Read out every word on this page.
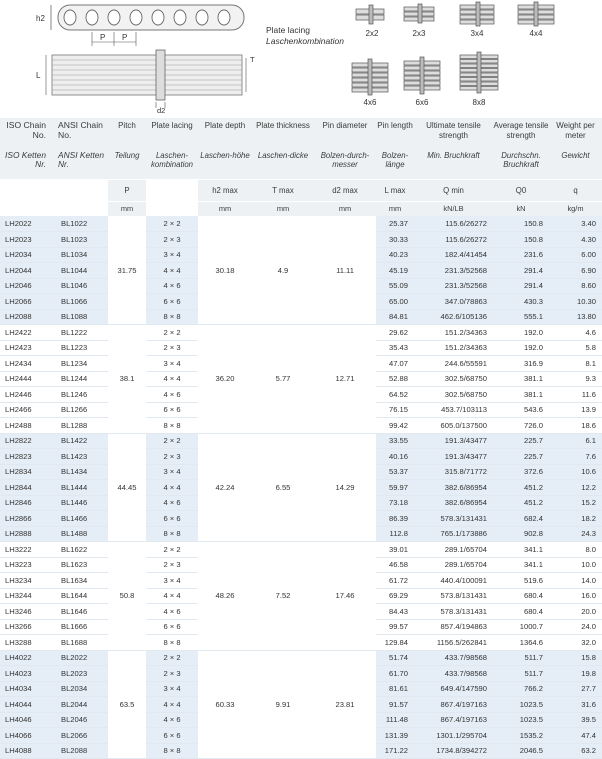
h2
P P
L
T
d2
Plate lacing
Laschenkombination
2x2	2x3	3x4	4x4
4x6	6x6	8x8
ISO Chain No.	ANSI Chain No.	Pitch	Plate lacing	Plate depth	Plate thickness	Pin diameter	Pin length	Ultimate tensile strength	Average tensile strength	Weight per meter
ISO Ketten Nr.	ANSI Ketten Nr.	Teilung	Laschen-kombination	Laschen-höhe	Laschen-dicke	Bolzen-durch-messer	Bolzen-länge	Min. Bruchkraft	Durchschn. Bruchkraft	Gewicht
		P		h2 max	T max	d2 max	L max	Q min	Q0	q
		mm		mm	mm	mm	mm	kN/LB	kN	kg/m
LH2022	BL1022	31.75	2 × 2	30.18	4.9	11.11	25.37	115.6/26272	150.8	3.40
LH2023	BL1023		2 × 3				30.33	115.6/26272	150.8	4.30
LH2034	BL1034		3 × 4				40.23	182.4/41454	231.6	6.00
LH2044	BL1044		4 × 4				45.19	231.3/52568	291.4	6.90
LH2046	BL1046		4 × 6				55.09	231.3/52568	291.4	8.60
LH2066	BL1066		6 × 6				65.00	347.0/78863	430.3	10.30
LH2088	BL1088		8 × 8				84.81	462.6/105136	555.1	13.80
LH2422	BL1222	38.1	2 × 2	36.20	5.77	12.71	29.62	151.2/34363	192.0	4.6
LH2423	BL1223		2 × 3				35.43	151.2/34363	192.0	5.8
LH2434	BL1234		3 × 4				47.07	244.6/55591	316.9	8.1
LH2444	BL1244		4 × 4				52.88	302.5/68750	381.1	9.3
LH2446	BL1246		4 × 6				64.52	302.5/68750	381.1	11.6
LH2466	BL1266		6 × 6				76.15	453.7/103113	543.6	13.9
LH2488	BL1288		8 × 8				99.42	605.0/137500	726.0	18.6
LH2822	BL1422	44.45	2 × 2	42.24	6.55	14.29	33.55	191.3/43477	225.7	6.1
LH2823	BL1423		2 × 3				40.16	191.3/43477	225.7	7.6
LH2834	BL1434		3 × 4				53.37	315.8/71772	372.6	10.6
LH2844	BL1444		4 × 4				59.97	382.6/86954	451.2	12.2
LH2846	BL1446		4 × 6				73.18	382.6/86954	451.2	15.2
LH2866	BL1466		6 × 6				86.39	578.3/131431	682.4	18.2
LH2888	BL1488		8 × 8				112.8	765.1/173886	902.8	24.3
LH3222	BL1622	50.8	2 × 2	48.26	7.52	17.46	39.01	289.1/65704	341.1	8.0
LH3223	BL1623		2 × 3				46.58	289.1/65704	341.1	10.0
LH3234	BL1634		3 × 4				61.72	440.4/100091	519.6	14.0
LH3244	BL1644		4 × 4				69.29	573.8/131431	680.4	16.0
LH3246	BL1646		4 × 6				84.43	578.3/131431	680.4	20.0
LH3266	BL1666		6 × 6				99.57	857.4/194863	1000.7	24.0
LH3288	BL1688		8 × 8				129.84	1156.5/262841	1364.6	32.0
LH4022	BL2022	63.5	2 × 2	60.33	9.91	23.81	51.74	433.7/98568	511.7	15.8
LH4023	BL2023		2 × 3				61.70	433.7/98568	511.7	19.8
LH4034	BL2034		3 × 4				81.61	649.4/147590	766.2	27.7
LH4044	BL2044		4 × 4				91.57	867.4/197163	1023.5	31.6
LH4046	BL2046		4 × 6				111.48	867.4/197163	1023.5	39.5
LH4066	BL2066		6 × 6				131.39	1301.1/295704	1535.2	47.4
LH4088	BL2088		8 × 8				171.22	1734.8/394272	2046.5	63.2
